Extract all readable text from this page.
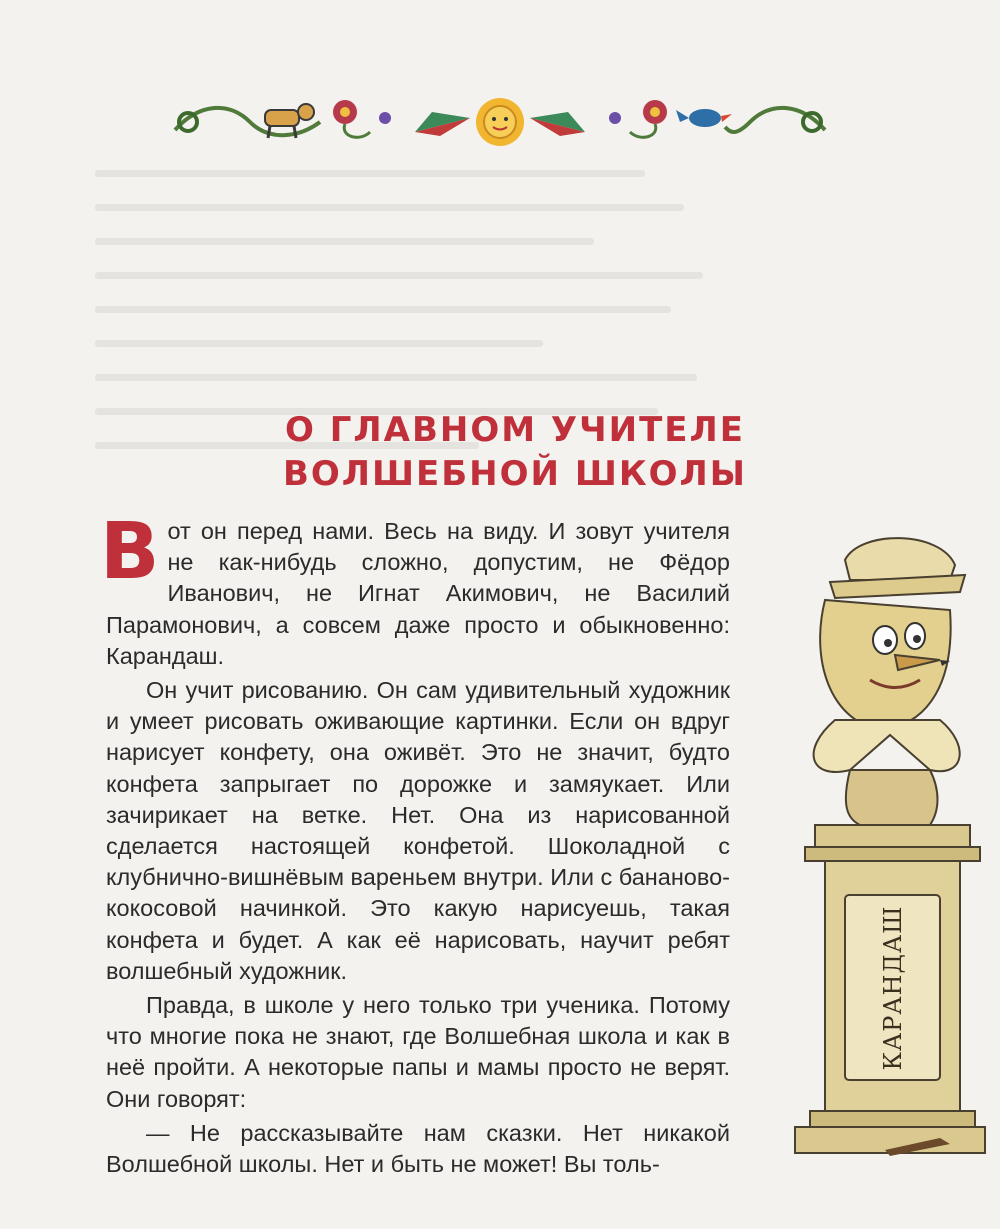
О ГЛАВНОМ УЧИТЕЛЕ
ВОЛШЕБНОЙ ШКОЛЫ

Вот он перед нами. Весь на виду. И зовут учителя не как-нибудь сложно, допустим, не Фёдор Иванович, не Игнат Акимович, не Василий Парамонович, а совсем даже просто и обыкновенно: Карандаш.

Он учит рисованию. Он сам удивительный художник и умеет рисовать оживающие картинки. Если он вдруг нарисует конфету, она оживёт. Это не значит, будто конфета запрыгает по дорожке и замяукает. Или зачирикает на ветке. Нет. Она из нарисованной сделается настоящей конфетой. Шоколадной с клубнично-вишнёвым вареньем внутри. Или с бананово-кокосовой начинкой. Это какую нарисуешь, такая конфета и будет. А как её нарисовать, научит ребят волшебный художник.

Правда, в школе у него только три ученика. Потому что многие пока не знают, где Волшебная школа и как в неё пройти. А некоторые папы и мамы просто не верят. Они говорят:

— Не рассказывайте нам сказки. Нет никакой Волшебной школы. Нет и быть не может! Вы толь-

КАРАНДАШ
